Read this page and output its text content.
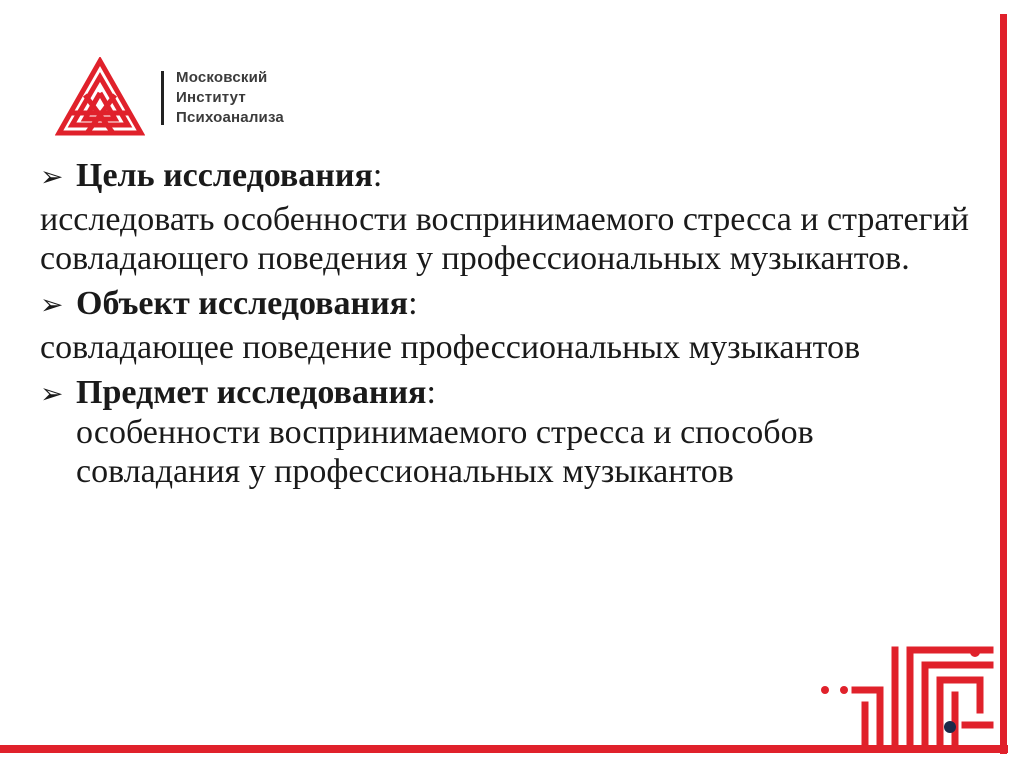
Московский
Институт
Психоанализа
➢ Цель исследования:
исследовать особенности воспринимаемого стресса и стратегий совладающего поведения у профессиональных музыкантов.
➢ Объект исследования:
совладающее поведение профессиональных музыкантов
➢ Предмет исследования:
особенности воспринимаемого стресса и способов совладания у профессиональных музыкантов
